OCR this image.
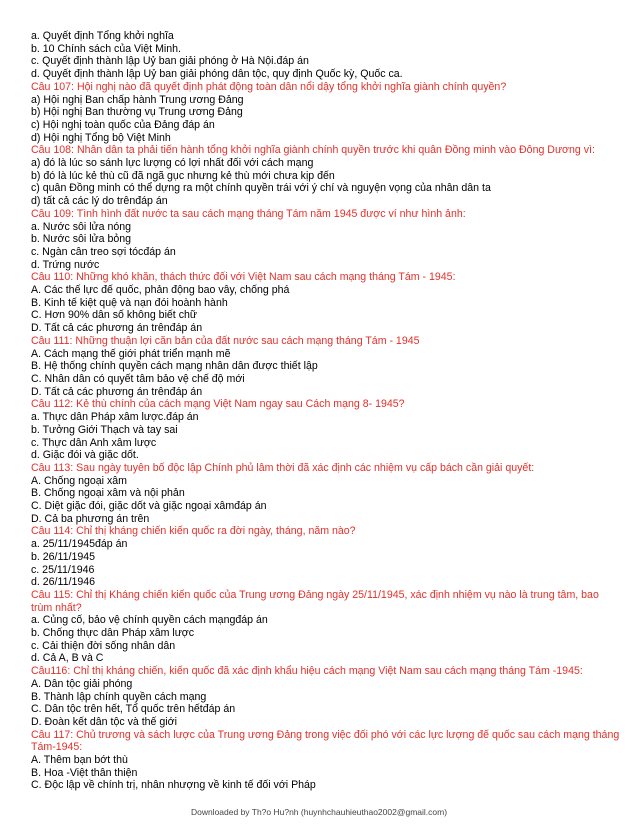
a. Quyết định Tổng khởi nghĩa
b. 10 Chính sách của Việt Minh.
c. Quyết định thành lập Uỷ ban giải phóng ở Hà Nội.đáp án
d. Quyết định thành lập Uỷ ban giải phóng dân tộc, quy định Quốc kỳ, Quốc ca.
Câu 107: Hội nghị nào đã quyết định phát động toàn dân nổi dậy tổng khởi nghĩa giành chính quyền?
a) Hội nghị Ban chấp hành Trung ương Đảng
b) Hội nghị Ban thường vụ Trung ương Đảng
c) Hội nghị toàn quốc của Đảng đáp án
d) Hội nghị Tổng bộ Việt Minh
Câu 108: Nhân dân ta phải tiến hành tổng khởi nghĩa giành chính quyền trước khi quân Đồng minh vào Đông Dương vì:
a) đó là lúc so sánh lực lượng có lợi nhất đối với cách mạng
b) đó là lúc kẻ thù cũ đã ngã gục nhưng kẻ thù mới chưa kịp đến
c) quân Đồng minh có thể dựng ra một chính quyền trái với ý chí và nguyện vọng của nhân dân ta
d) tất cả các lý do trênđáp án
Câu 109: Tình hình đất nước ta sau cách mạng tháng Tám năm 1945 được ví như hình ảnh:
a. Nước sôi lửa nóng
b. Nước sôi lửa bỏng
c. Ngàn cân treo sợi tócđáp án
d. Trứng nước
Câu 110: Những khó khăn, thách thức đối với Việt Nam sau cách mạng tháng Tám - 1945:
A. Các thế lực đế quốc, phản động bao vây, chống phá
B. Kinh tế kiệt quệ và nạn đói hoành hành
C. Hơn 90% dân số không biết chữ
D. Tất cả các phương án trênđáp án
Câu 111: Những thuận lợi căn bản của đất nước sau cách mạng tháng Tám - 1945
A. Cách mạng thế giới phát triển mạnh mẽ
B. Hệ thống chính quyền cách mạng nhân dân được thiết lập
C. Nhân dân có quyết tâm bảo vệ chế độ mới
D. Tất cả các phương án trênđáp án
Câu 112: Kẻ thù chính của cách mạng Việt Nam ngay sau Cách mạng 8- 1945?
a. Thực dân Pháp xâm lược.đáp án
b. Tưởng Giới Thạch và tay sai
c. Thực dân Anh xâm lược
d. Giặc đói và giặc dốt.
Câu 113: Sau ngày tuyên bố độc lập Chính phủ lâm thời đã xác định các nhiệm vụ cấp bách cần giải quyết:
A. Chống ngoại xâm
B. Chống ngoại xâm và nội phản
C. Diệt giặc đói, giặc dốt và giặc ngoại xâmđáp án
D. Cả ba phương án trên
Câu 114: Chỉ thị kháng chiến kiến quốc ra đời ngày, tháng, năm nào?
a. 25/11/1945đáp án
b. 26/11/1945
c. 25/11/1946
d. 26/11/1946
Câu 115: Chỉ thị Kháng chiến kiến quốc của Trung ương Đảng ngày 25/11/1945, xác định nhiệm vụ nào là trung tâm, bao trùm nhất?
a. Củng cố, bảo vệ chính quyền cách mạngđáp án
b. Chống thực dân Pháp xâm lược
c. Cải thiện đời sống nhân dân
d. Cả A, B và C
Câu116: Chỉ thị kháng chiến, kiến quốc đã xác định khẩu hiệu cách mạng Việt Nam sau cách mạng tháng Tám -1945:
A. Dân tộc giải phóng
B. Thành lập chính quyền cách mạng
C. Dân tộc trên hết, Tổ quốc trên hếtđáp án
D. Đoàn kết dân tộc và thế giới
Câu 117: Chủ trương và sách lược của Trung ương Đảng trong việc đối phó với các lực lượng đế quốc sau cách mạng tháng Tám-1945:
A. Thêm bạn bớt thù
B. Hoa -Việt thân thiện
C. Độc lập về chính trị, nhân nhượng về kinh tế đối với Pháp
Downloaded by Th?o Hu?nh (huynhchauhieuthao2002@gmail.com)
